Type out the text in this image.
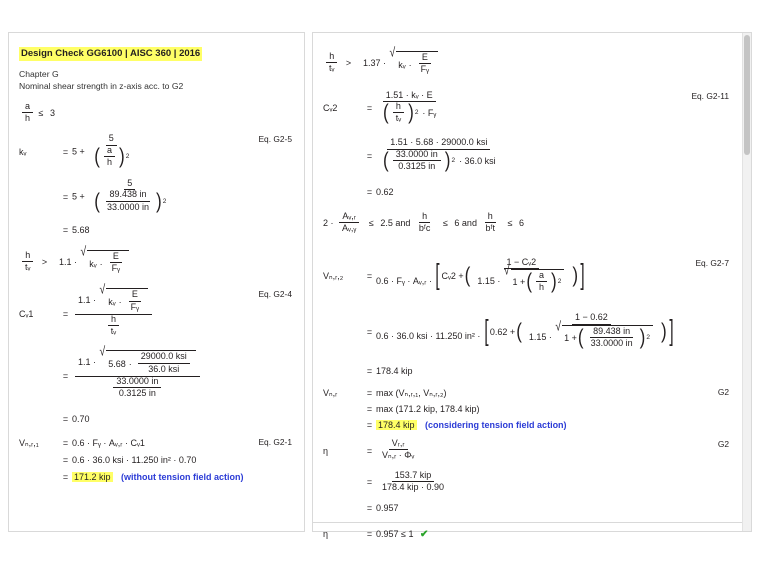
Design Check GG6100 | AISC 360 | 2016
Chapter G
Nominal shear strength in z-axis acc. to G2
$\frac{a}{h} \le 3$
kᵥ	= 5 +
5
( $\frac{a}{h}$ ) 2
Eq. G2-5
= 5 +
5
( $\frac{89.438 in}{33.0000 in}$ ) 2
= 5.68
$\frac{h}{\text{tᵥ}}$ >	1.1 ·
√
kᵥ · $\frac{E}{\text{Fᵧ}}$
Cᵥ1	=
1.1 ·
√
kᵥ · $\frac{E}{\text{Fᵧ}}$
$\frac{h}{\text{tᵥ}}$
Eq. G2-4
=
1.1 ·
√
$5.68 \cdot \frac{\text{29000.0 ksi}}{\text{36.0 ksi}}$
$\frac{33.0000 in}{0.3125 in}$
= 0.70
Vₙ,ᵣ,₁	= 0.6 · Fᵧ · Aᵥ,ᵣ · Cᵥ1	Eq. G2-1
= 0.6 · 36.0 ksi · 11.250 in² · 0.70
= 171.2 kip (without tension field action)
$\frac{h}{\text{tᵥ}}$ >	1.37 ·
√
kᵥ · $\frac{E}{\text{Fᵧ}}$
Cᵥ2	=
1.51 · kᵥ · E
( $\frac{h}{\text{tᵥ}}$ ) 2 · Fᵧ
Eq. G2-11
=
1.51 · 5.68 · 29000.0 ksi
( $\frac{33.0000 in}{0.3125 in}$ ) 2 · 36.0 ksi
= 0.62
$2 \cdot \frac{\text{Aᵥ,ᵣ}}{\text{Aᵥ,ᵧ}} \le 2.5$ and $\frac{h}{\text{bᶠc}} \le 6$ and $\frac{h}{\text{bᶠt}} \le 6$
Vₙ,ᵣ,₂	= 0.6 · Fᵧ · Aᵥ,ᵣ · [ Cᵥ2 + (
1 − Cᵥ2
1.15 ·
√
1 + ( $\frac{a}{h}$ ) 2 ) ]	Eq. G2-7
= 0.6 · 36.0 ksi · 11.250 in² · [ 0.62 + (
1 − 0.62
1.15 ·
√
1 + ( $\frac{89.438 in}{33.0000 in}$ ) 2 ) ]
= 178.4 kip
Vₙ,ᵣ	= max (Vₙ,ᵣ,₁, Vₙ,ᵣ,₂)	G2
= max (171.2 kip, 178.4 kip)
= 178.4 kip (considering tension field action)
η	= $\frac{\text{Vᵣ,ᵣ}}{\text{Vₙ,ᵣ · Φᵥ}}$	G2
= $\frac{\text{153.7 kip}}{\text{178.4 kip · 0.90}}$
= 0.957
η	= 0.957 ≤ 1 ✔
